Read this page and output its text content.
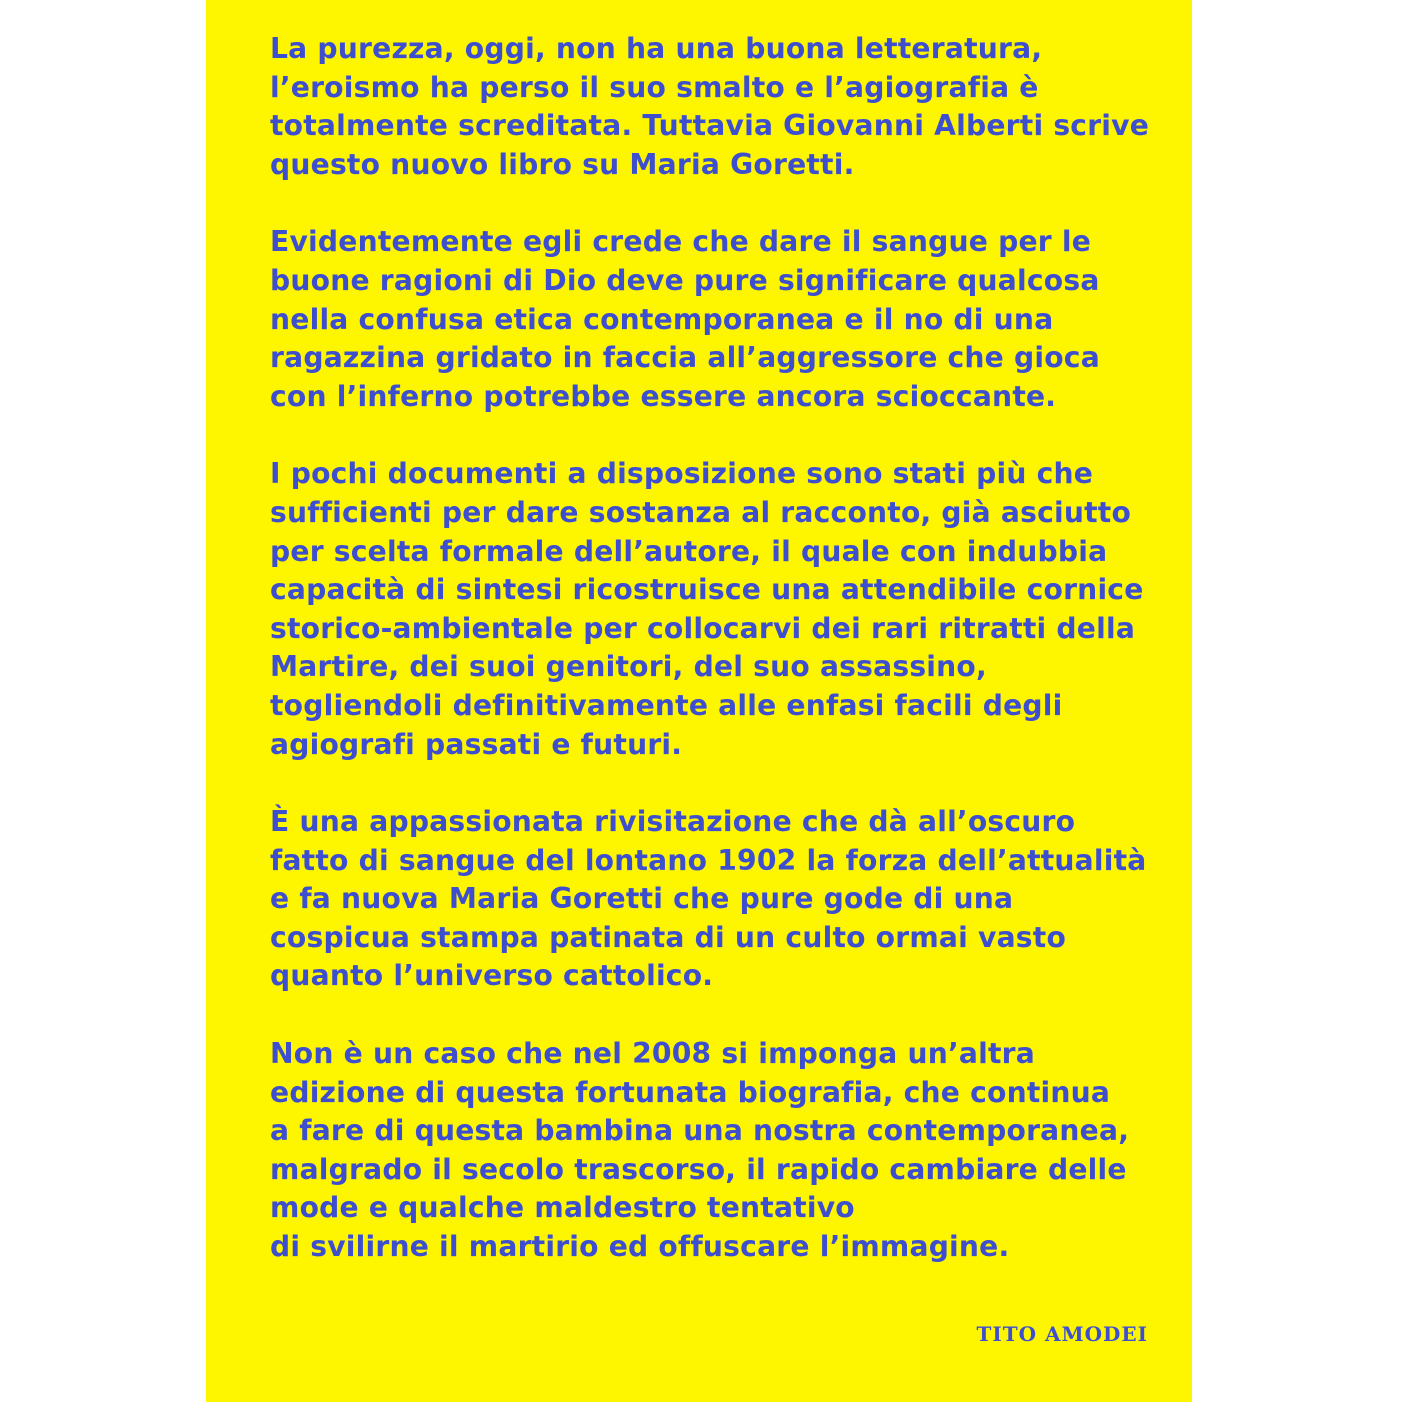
La purezza, oggi, non ha una buona letteratura,
l’eroismo ha perso il suo smalto e l’agiografia è
totalmente screditata. Tuttavia Giovanni Alberti scrive
questo nuovo libro su Maria Goretti.

Evidentemente egli crede che dare il sangue per le
buone ragioni di Dio deve pure significare qualcosa
nella confusa etica contemporanea e il no di una
ragazzina gridato in faccia all’aggressore che gioca
con l’inferno potrebbe essere ancora scioccante.

I pochi documenti a disposizione sono stati più che
sufficienti per dare sostanza al racconto, già asciutto
per scelta formale dell’autore, il quale con indubbia
capacità di sintesi ricostruisce una attendibile cornice
storico-ambientale per collocarvi dei rari ritratti della
Martire, dei suoi genitori, del suo assassino,
togliendoli definitivamente alle enfasi facili degli
agiografi passati e futuri.

È una appassionata rivisitazione che dà all’oscuro
fatto di sangue del lontano 1902 la forza dell’attualità
e fa nuova Maria Goretti che pure gode di una
cospicua stampa patinata di un culto ormai vasto
quanto l’universo cattolico.

Non è un caso che nel 2008 si imponga un’altra
edizione di questa fortunata biografia, che continua
a fare di questa bambina una nostra contemporanea,
malgrado il secolo trascorso, il rapido cambiare delle
mode e qualche maldestro tentativo
di svilirne il martirio ed offuscare l’immagine.

TITO AMODEI
